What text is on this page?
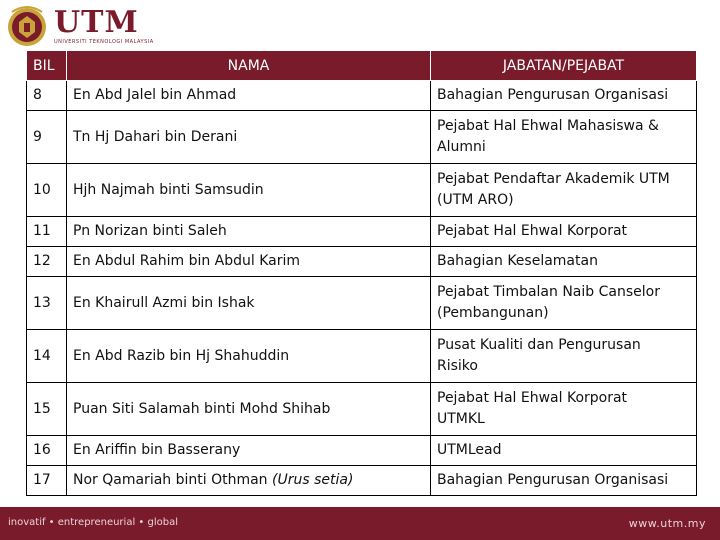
UTM
UNIVERSITI TEKNOLOGI MALAYSIA
BIL	NAMA	JABATAN/PEJABAT
8	En Abd Jalel bin Ahmad	Bahagian Pengurusan Organisasi

9	Tn Hj Dahari bin Derani	Pejabat Hal Ehwal Mahasiswa &
Alumni

10	Hjh Najmah binti Samsudin	Pejabat Pendaftar Akademik UTM
(UTM ARO)

11	Pn Norizan binti Saleh	Pejabat Hal Ehwal Korporat

12	En Abdul Rahim bin Abdul Karim	Bahagian Keselamatan

13	En Khairull Azmi bin Ishak	Pejabat Timbalan Naib Canselor
(Pembangunan)

14	En Abd Razib bin Hj Shahuddin	Pusat Kualiti dan Pengurusan
Risiko

15	Puan Siti Salamah binti Mohd Shihab	Pejabat Hal Ehwal Korporat
UTMKL

16	En Ariffin bin Basserany	UTMLead

17	Nor Qamariah binti Othman (Urus setia)	Bahagian Pengurusan Organisasi
inovatif • entrepreneurial • global	www.utm.my
